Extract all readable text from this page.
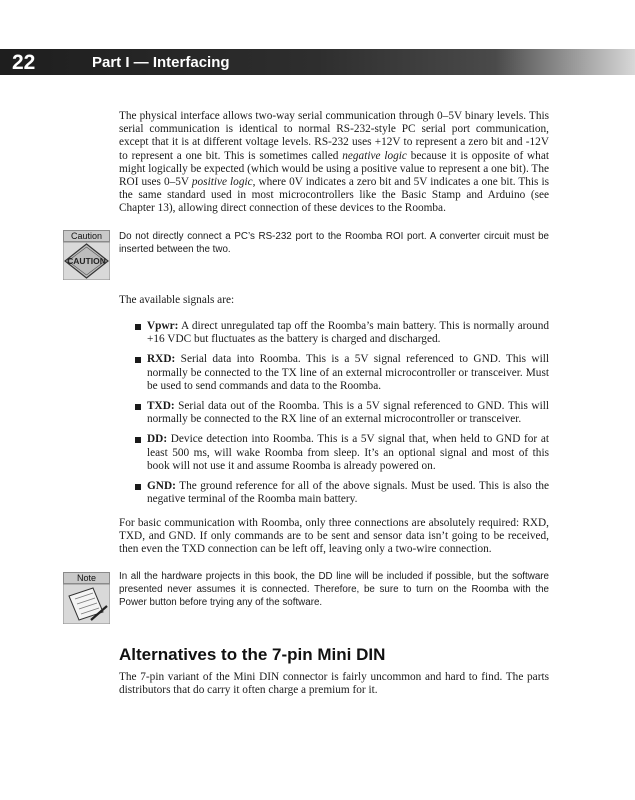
22	Part I — Interfacing

The physical interface allows two-way serial communication through 0–5V binary levels. This serial communication is identical to normal RS-232-style PC serial port communication, except that it is at different voltage levels. RS-232 uses +12V to represent a zero bit and -12V to represent a one bit. This is sometimes called negative logic because it is opposite of what might logically be expected (which would be using a positive value to represent a one bit). The ROI uses 0–5V positive logic, where 0V indicates a zero bit and 5V indicates a one bit. This is the same standard used in most microcontrollers like the Basic Stamp and Arduino (see Chapter 13), allowing direct connection of these devices to the Roomba.

Caution
CAUTION
Do not directly connect a PC’s RS-232 port to the Roomba ROI port. A converter circuit must be inserted between the two.
The available signals are:
Vpwr: A direct unregulated tap off the Roomba’s main battery. This is normally around +16 VDC but fluctuates as the battery is charged and discharged.
RXD: Serial data into Roomba. This is a 5V signal referenced to GND. This will normally be connected to the TX line of an external microcontroller or transceiver. Must be used to send commands and data to the Roomba.
TXD: Serial data out of the Roomba. This is a 5V signal referenced to GND. This will normally be connected to the RX line of an external microcontroller or transceiver.
DD: Device detection into Roomba. This is a 5V signal that, when held to GND for at least 500 ms, will wake Roomba from sleep. It’s an optional signal and most of this book will not use it and assume Roomba is already powered on.
GND: The ground reference for all of the above signals. Must be used. This is also the negative terminal of the Roomba main battery.
For basic communication with Roomba, only three connections are absolutely required: RXD, TXD, and GND. If only commands are to be sent and sensor data isn’t going to be received, then even the TXD connection can be left off, leaving only a two-wire connection.
Note	In all the hardware projects in this book, the DD line will be included if possible, but the software presented never assumes it is connected. Therefore, be sure to turn on the Roomba with the Power button before trying any of the software.
Alternatives to the 7-pin Mini DIN
The 7-pin variant of the Mini DIN connector is fairly uncommon and hard to find. The parts distributors that do carry it often charge a premium for it.
